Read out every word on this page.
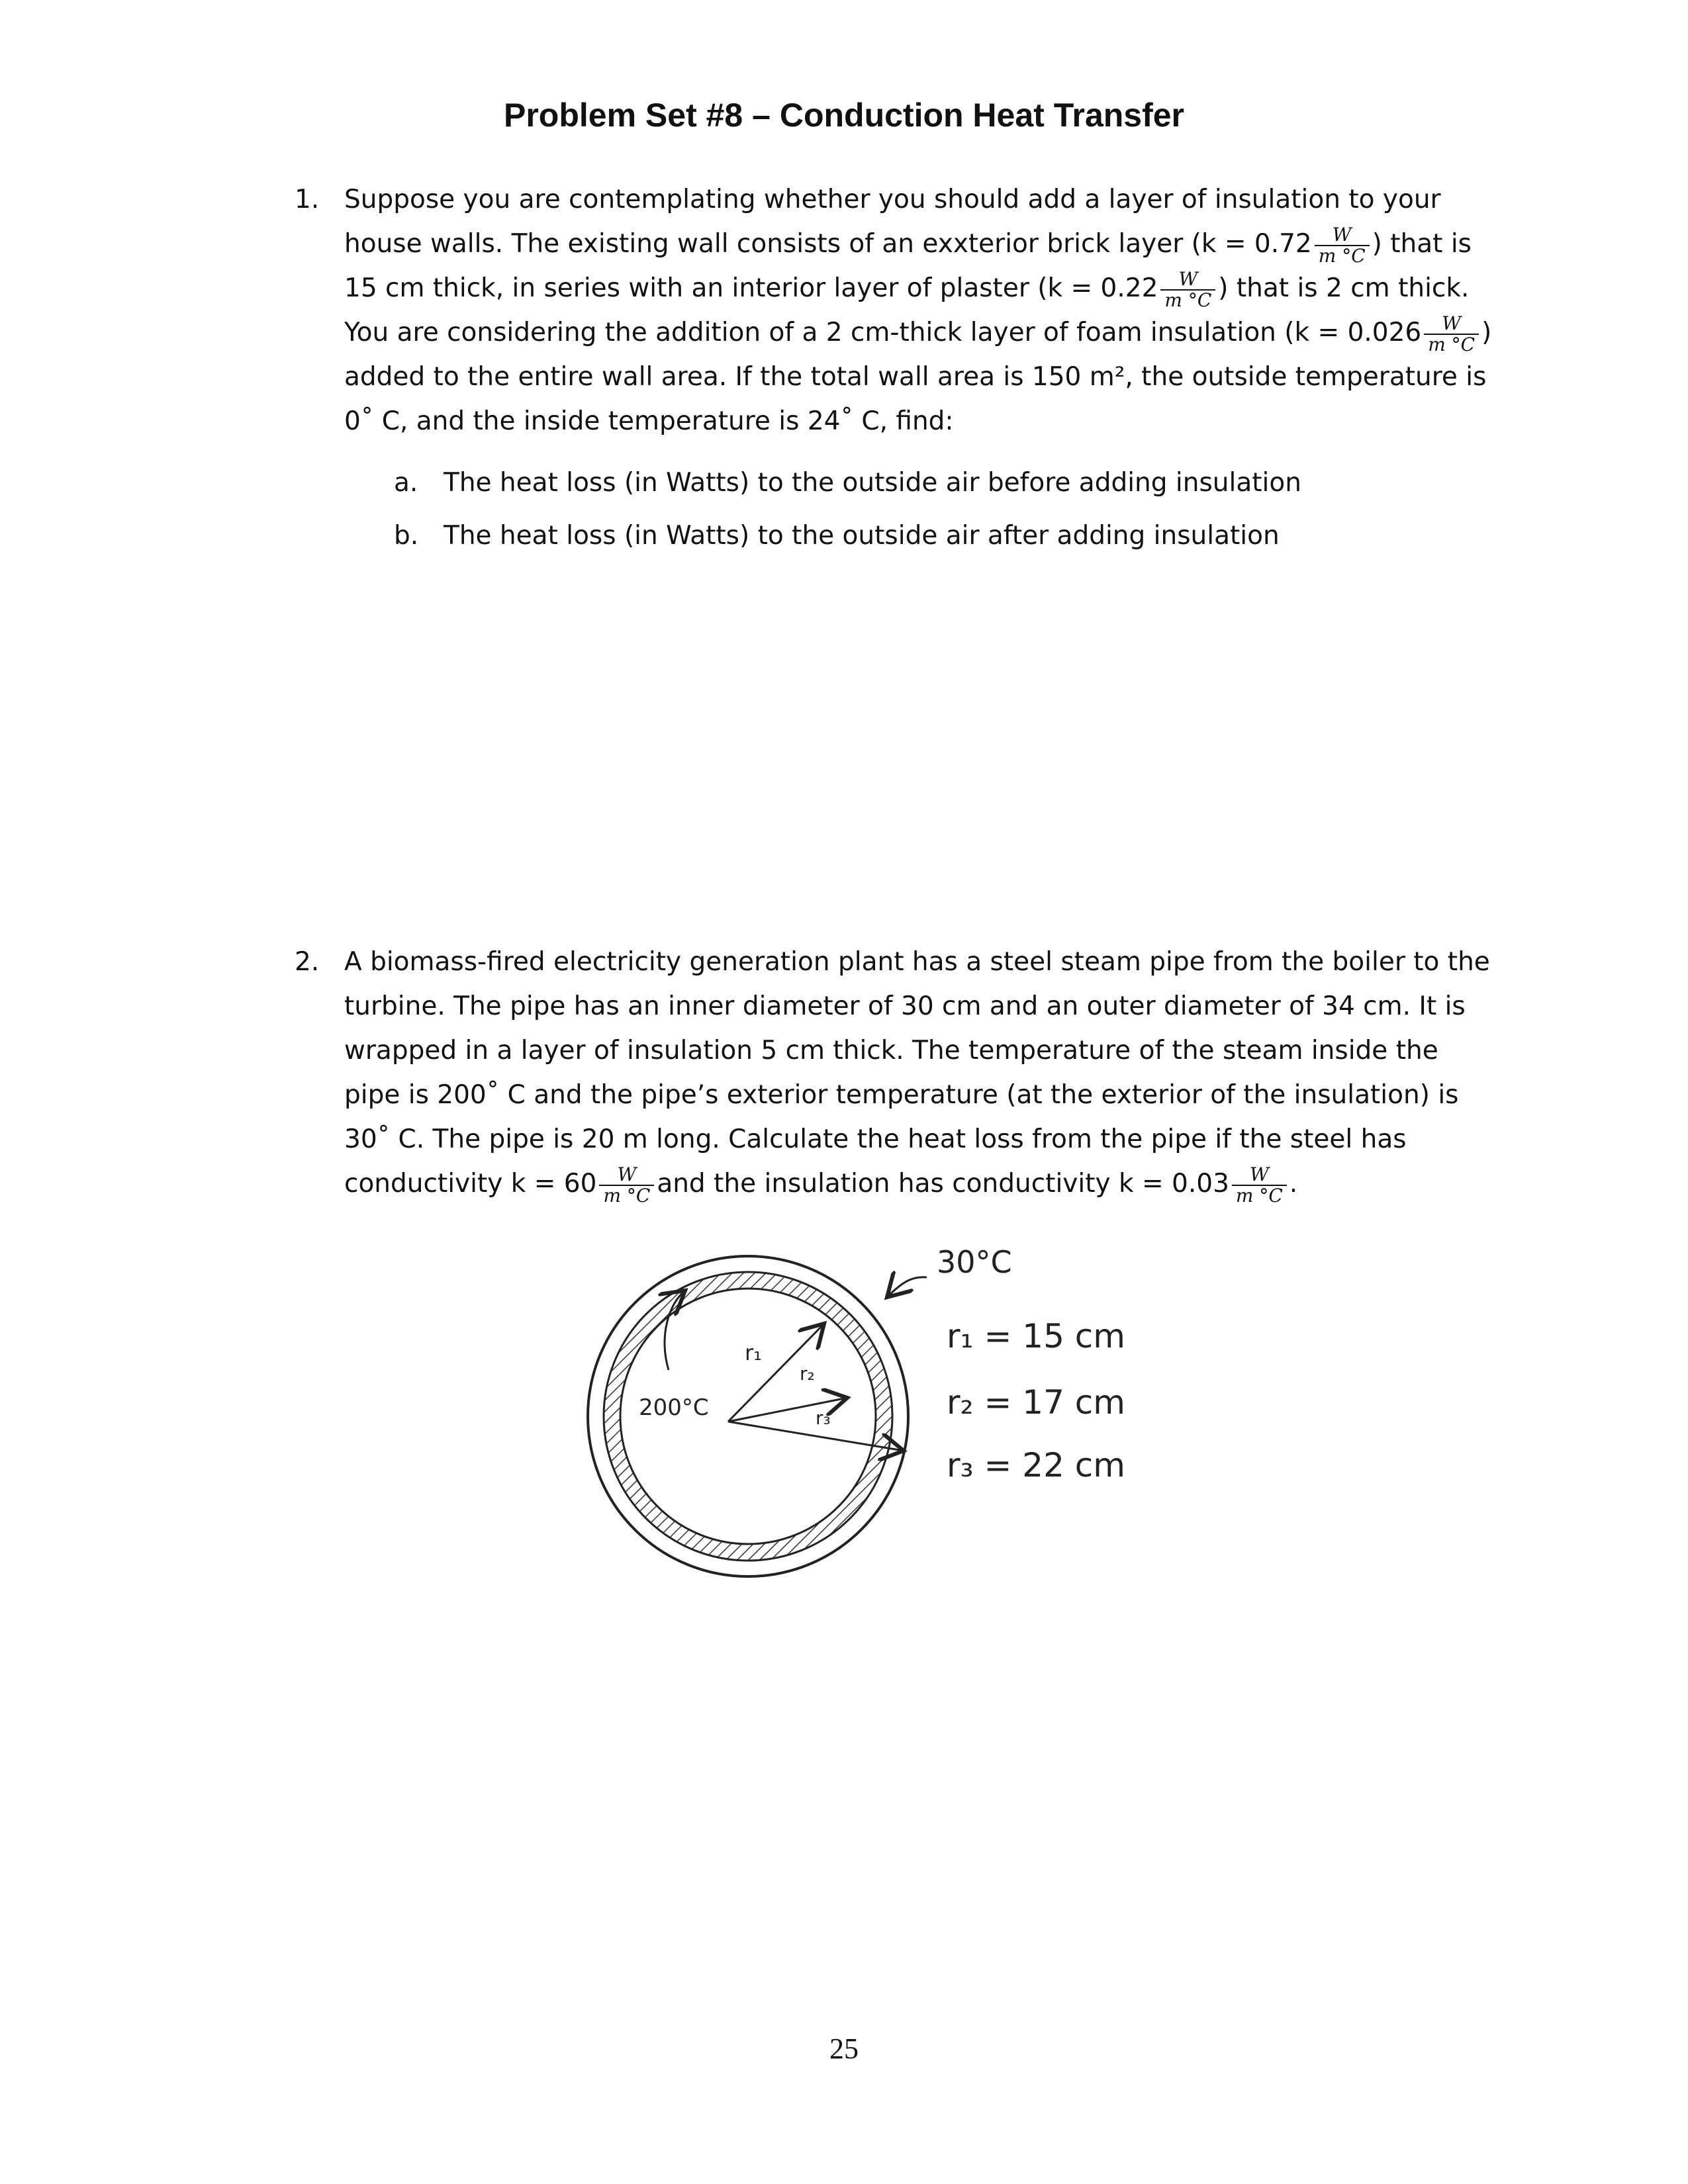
Problem Set #8 – Conduction Heat Transfer
1. Suppose you are contemplating whether you should add a layer of insulation to your
house walls. The existing wall consists of an exxterior brick layer ($k = 0.72 \frac{W}{m ^\circ C}$ ) that is
15 cm thick, in series with an interior layer of plaster ($k = 0.22 \frac{W}{m ^\circ C}$ ) that is 2 cm thick.
You are considering the addition of a 2 cm-thick layer of foam insulation ($k = 0.026 \frac{W}{m ^\circ C}$ )
added to the entire wall area. If the total wall area is 150 m², the outside temperature is
0˚ C, and the inside temperature is 24˚ C, find:
a. The heat loss (in Watts) to the outside air before adding insulation
b. The heat loss (in Watts) to the outside air after adding insulation
2. A biomass-fired electricity generation plant has a steel steam pipe from the boiler to the
turbine. The pipe has an inner diameter of 30 cm and an outer diameter of 34 cm. It is
wrapped in a layer of insulation 5 cm thick. The temperature of the steam inside the
pipe is 200˚ C and the pipe’s exterior temperature (at the exterior of the insulation) is
30˚ C. The pipe is 20 m long. Calculate the heat loss from the pipe if the steel has
conductivity $k = 60 \frac{W}{m ^\circ C}$ and the insulation has conductivity $k = 0.03 \frac{W}{m ^\circ C}$ .
200°C
r₁
r₂
r₃
30°C
r₁ = 15 cm
r₂ = 17 cm
r₃ = 22 cm
25
